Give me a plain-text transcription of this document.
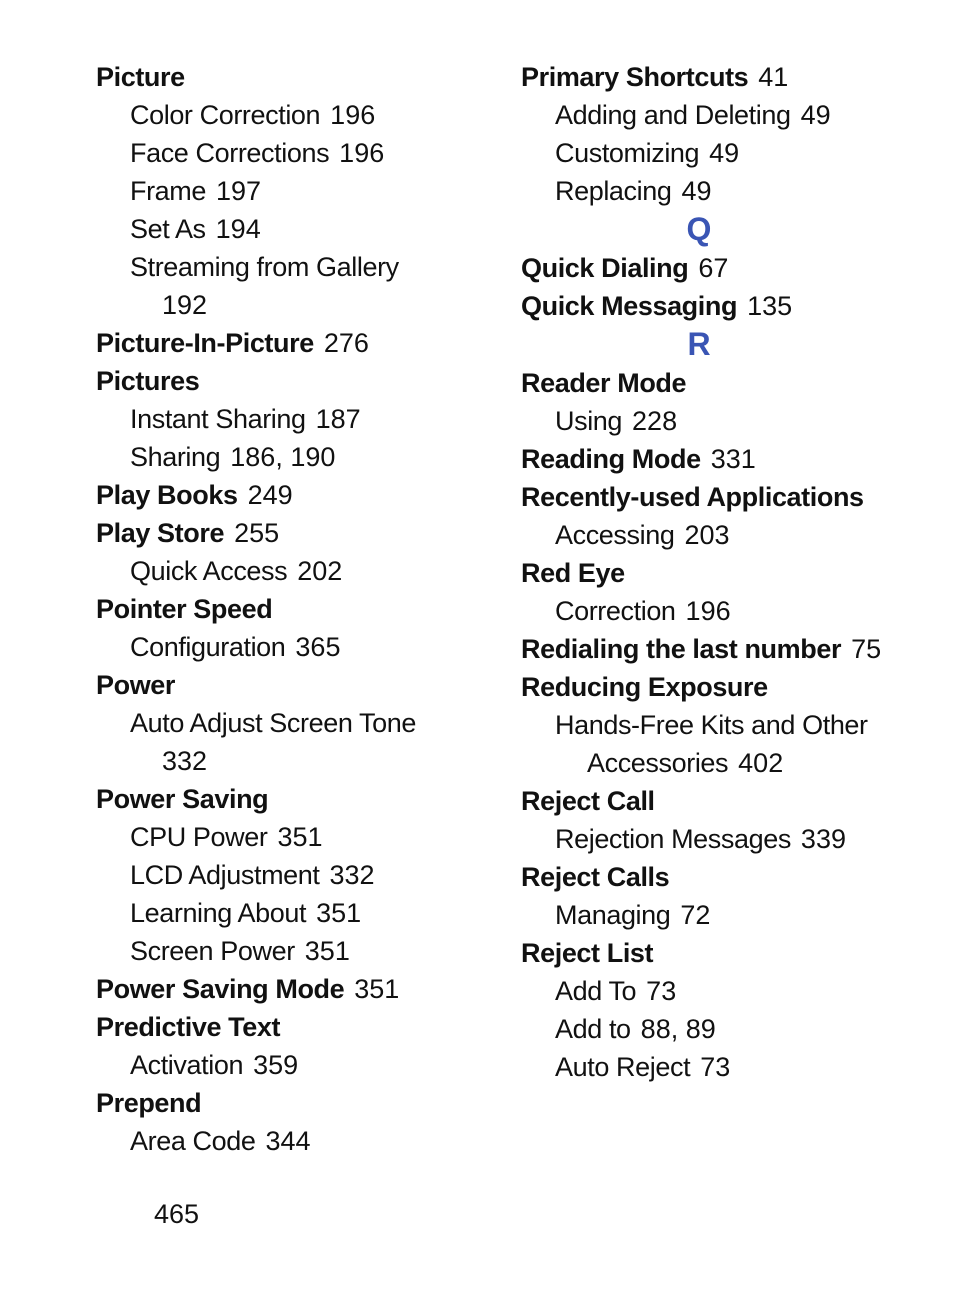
Picture
Color Correction 196
Face Corrections 196
Frame 197
Set As 194
Streaming from Gallery
192
Picture-In-Picture 276
Pictures
Instant Sharing 187
Sharing 186, 190
Play Books 249
Play Store 255
Quick Access 202
Pointer Speed
Configuration 365
Power
Auto Adjust Screen Tone
332
Power Saving
CPU Power 351
LCD Adjustment 332
Learning About 351
Screen Power 351
Power Saving Mode 351
Predictive Text
Activation 359
Prepend
Area Code 344
Primary Shortcuts 41
Adding and Deleting 49
Customizing 49
Replacing 49
Q
Quick Dialing 67
Quick Messaging 135
R
Reader Mode
Using 228
Reading Mode 331
Recently-used Applications
Accessing 203
Red Eye
Correction 196
Redialing the last number 75
Reducing Exposure
Hands-Free Kits and Other
Accessories 402
Reject Call
Rejection Messages 339
Reject Calls
Managing 72
Reject List
Add To 73
Add to 88, 89
Auto Reject 73
465
